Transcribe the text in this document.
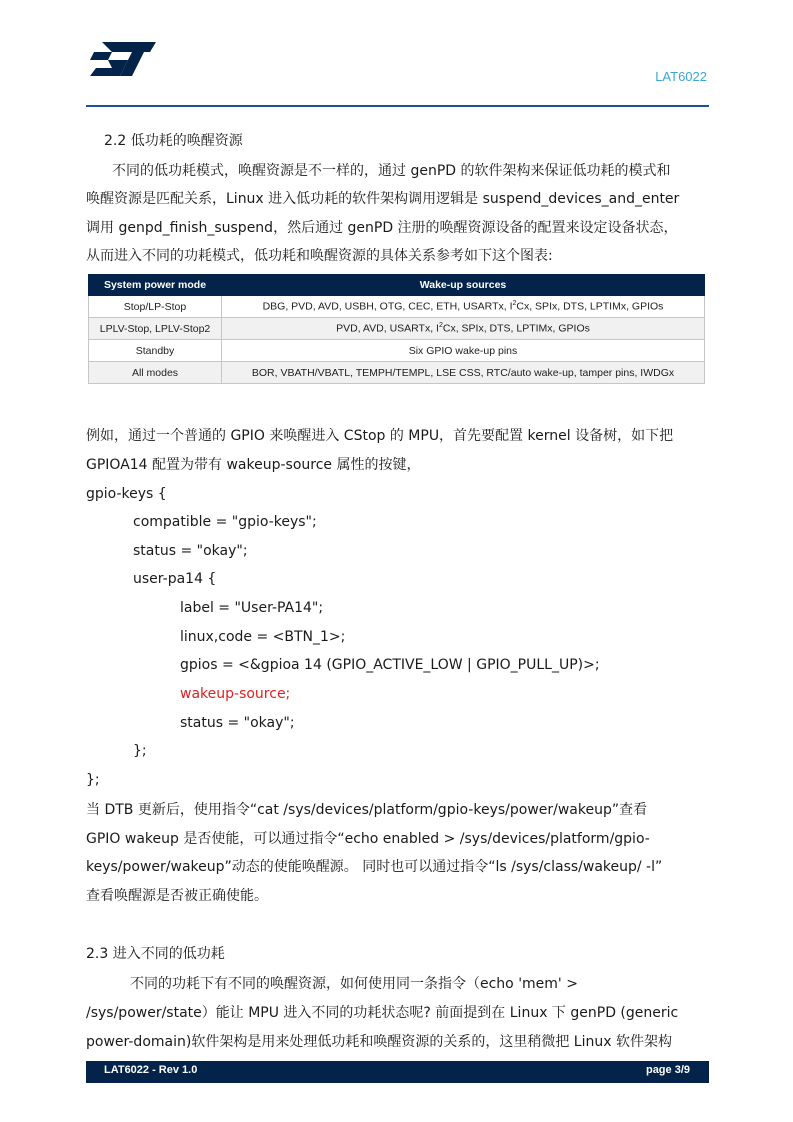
LAT6022
2.2 低功耗的唤醒资源
不同的低功耗模式，唤醒资源是不一样的，通过 genPD 的软件架构来保证低功耗的模式和
唤醒资源是匹配关系，Linux 进入低功耗的软件架构调用逻辑是 suspend_devices_and_enter
调用 genpd_finish_suspend，然后通过 genPD 注册的唤醒资源设备的配置来设定设备状态，
从而进入不同的功耗模式，低功耗和唤醒资源的具体关系参考如下这个图表:
System power mode	Wake-up sources
Stop/LP-Stop	DBG, PVD, AVD, USBH, OTG, CEC, ETH, USARTx, $I^2Cx$, SPIx, DTS, LPTIMx, GPIOs
LPLV-Stop, LPLV-Stop2	PVD, AVD, USARTx, $I^2Cx$, SPIx, DTS, LPTIMx, GPIOs
Standby	Six GPIO wake-up pins
All modes	BOR, VBATH/VBATL, TEMPH/TEMPL, LSE CSS, RTC/auto wake-up, tamper pins, IWDGx
例如，通过一个普通的 GPIO 来唤醒进入 CStop 的 MPU，首先要配置 kernel 设备树，如下把
GPIOA14 配置为带有 wakeup-source 属性的按键，
gpio-keys {
compatible = "gpio-keys";
status = "okay";
user-pa14 {
label = "User-PA14";
linux,code = <BTN_1>;
gpios = <&gpioa 14 (GPIO_ACTIVE_LOW | GPIO_PULL_UP)>;
wakeup-source;
status = "okay";
};
};
当 DTB 更新后，使用指令“cat /sys/devices/platform/gpio-keys/power/wakeup”查看
GPIO wakeup 是否使能，可以通过指令“echo enabled > /sys/devices/platform/gpio-
keys/power/wakeup”动态的使能唤醒源。 同时也可以通过指令“ls /sys/class/wakeup/ -l”
查看唤醒源是否被正确使能。
2.3 进入不同的低功耗
不同的功耗下有不同的唤醒资源，如何使用同一条指令（echo 'mem' >
/sys/power/state）能让 MPU 进入不同的功耗状态呢? 前面提到在 Linux 下 genPD (generic
power-domain)软件架构是用来处理低功耗和唤醒资源的关系的，这里稍微把 Linux 软件架构
LAT6022 - Rev 1.0	page 3/9
